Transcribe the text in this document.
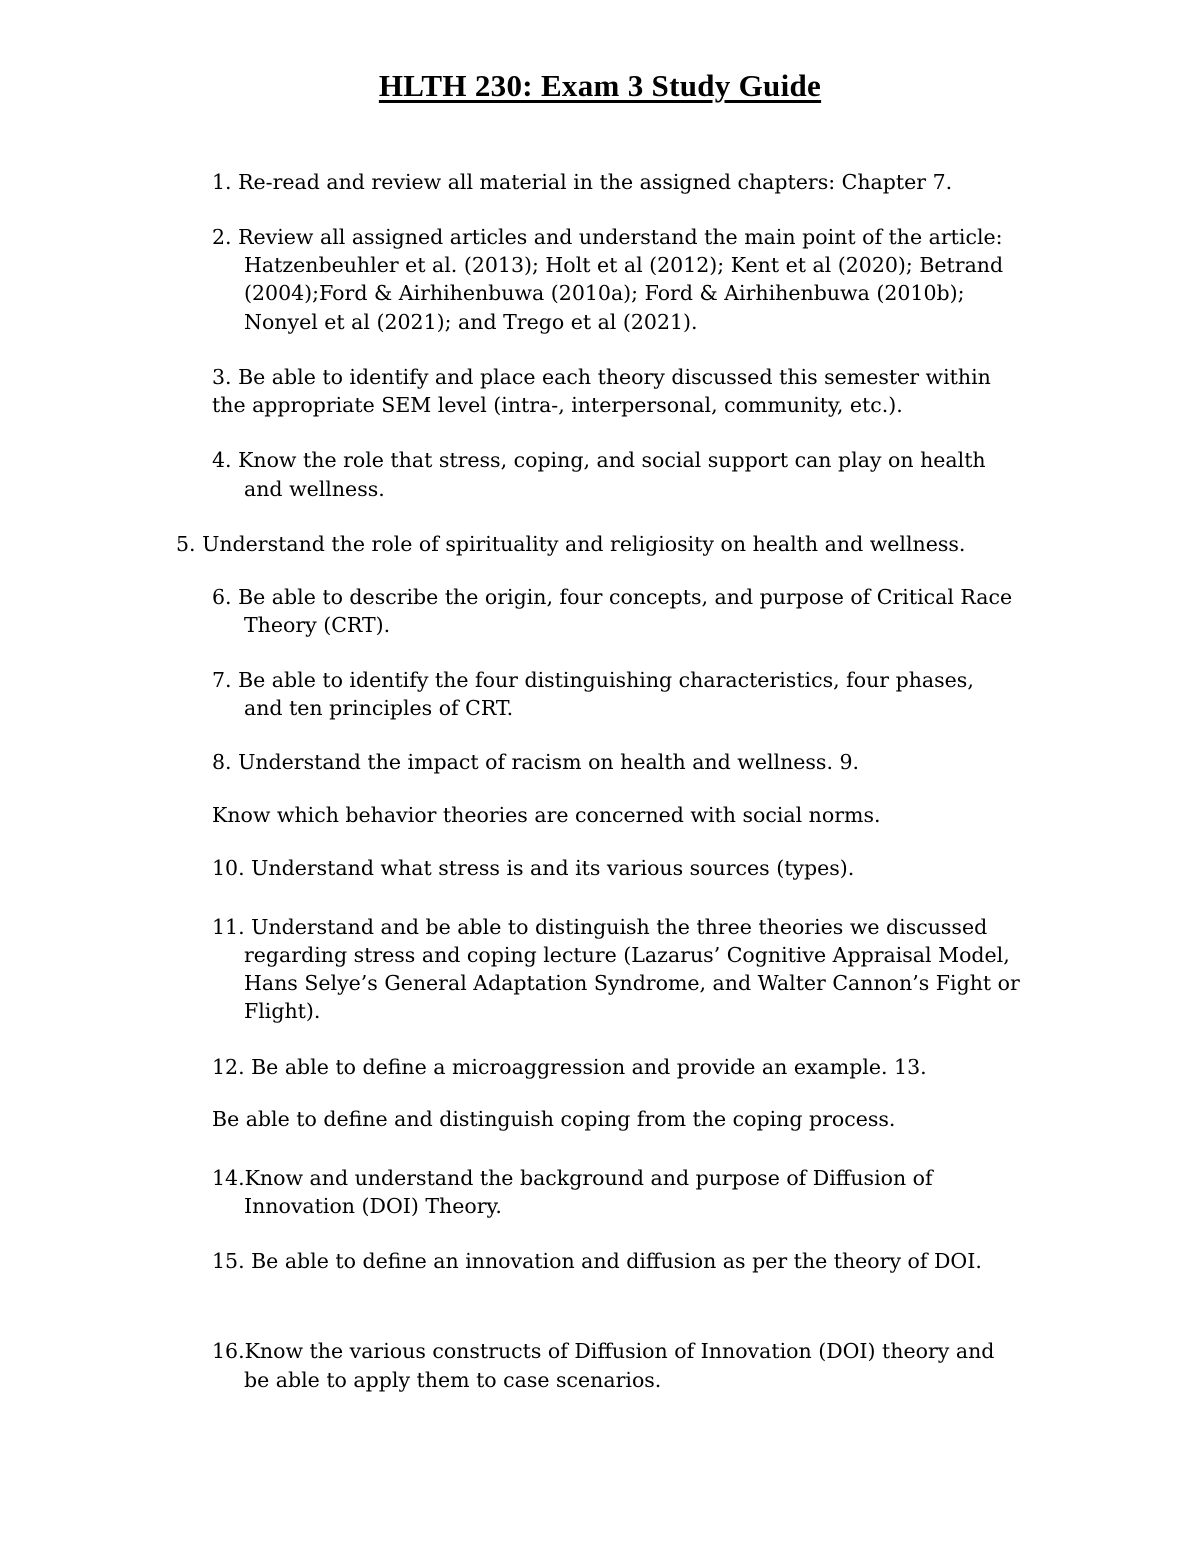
HLTH 230: Exam 3 Study Guide
1. Re-read and review all material in the assigned chapters: Chapter 7.
2. Review all assigned articles and understand the main point of the article:
Hatzenbeuhler et al. (2013); Holt et al (2012); Kent et al (2020); Betrand
(2004);Ford & Airhihenbuwa (2010a); Ford & Airhihenbuwa (2010b);
Nonyel et al (2021); and Trego et al (2021).
3. Be able to identify and place each theory discussed this semester within
the appropriate SEM level (intra-, interpersonal, community, etc.).
4. Know the role that stress, coping, and social support can play on health
and wellness.
5. Understand the role of spirituality and religiosity on health and wellness.
6. Be able to describe the origin, four concepts, and purpose of Critical Race
Theory (CRT).
7. Be able to identify the four distinguishing characteristics, four phases,
and ten principles of CRT.
8. Understand the impact of racism on health and wellness. 9.
Know which behavior theories are concerned with social norms.
10. Understand what stress is and its various sources (types).
11. Understand and be able to distinguish the three theories we discussed
regarding stress and coping lecture (Lazarus’ Cognitive Appraisal Model,
Hans Selye’s General Adaptation Syndrome, and Walter Cannon’s Fight or
Flight).
12. Be able to define a microaggression and provide an example. 13.
Be able to define and distinguish coping from the coping process.
14.Know and understand the background and purpose of Diffusion of
Innovation (DOI) Theory.
15. Be able to define an innovation and diffusion as per the theory of DOI.
16.Know the various constructs of Diffusion of Innovation (DOI) theory and
be able to apply them to case scenarios.
